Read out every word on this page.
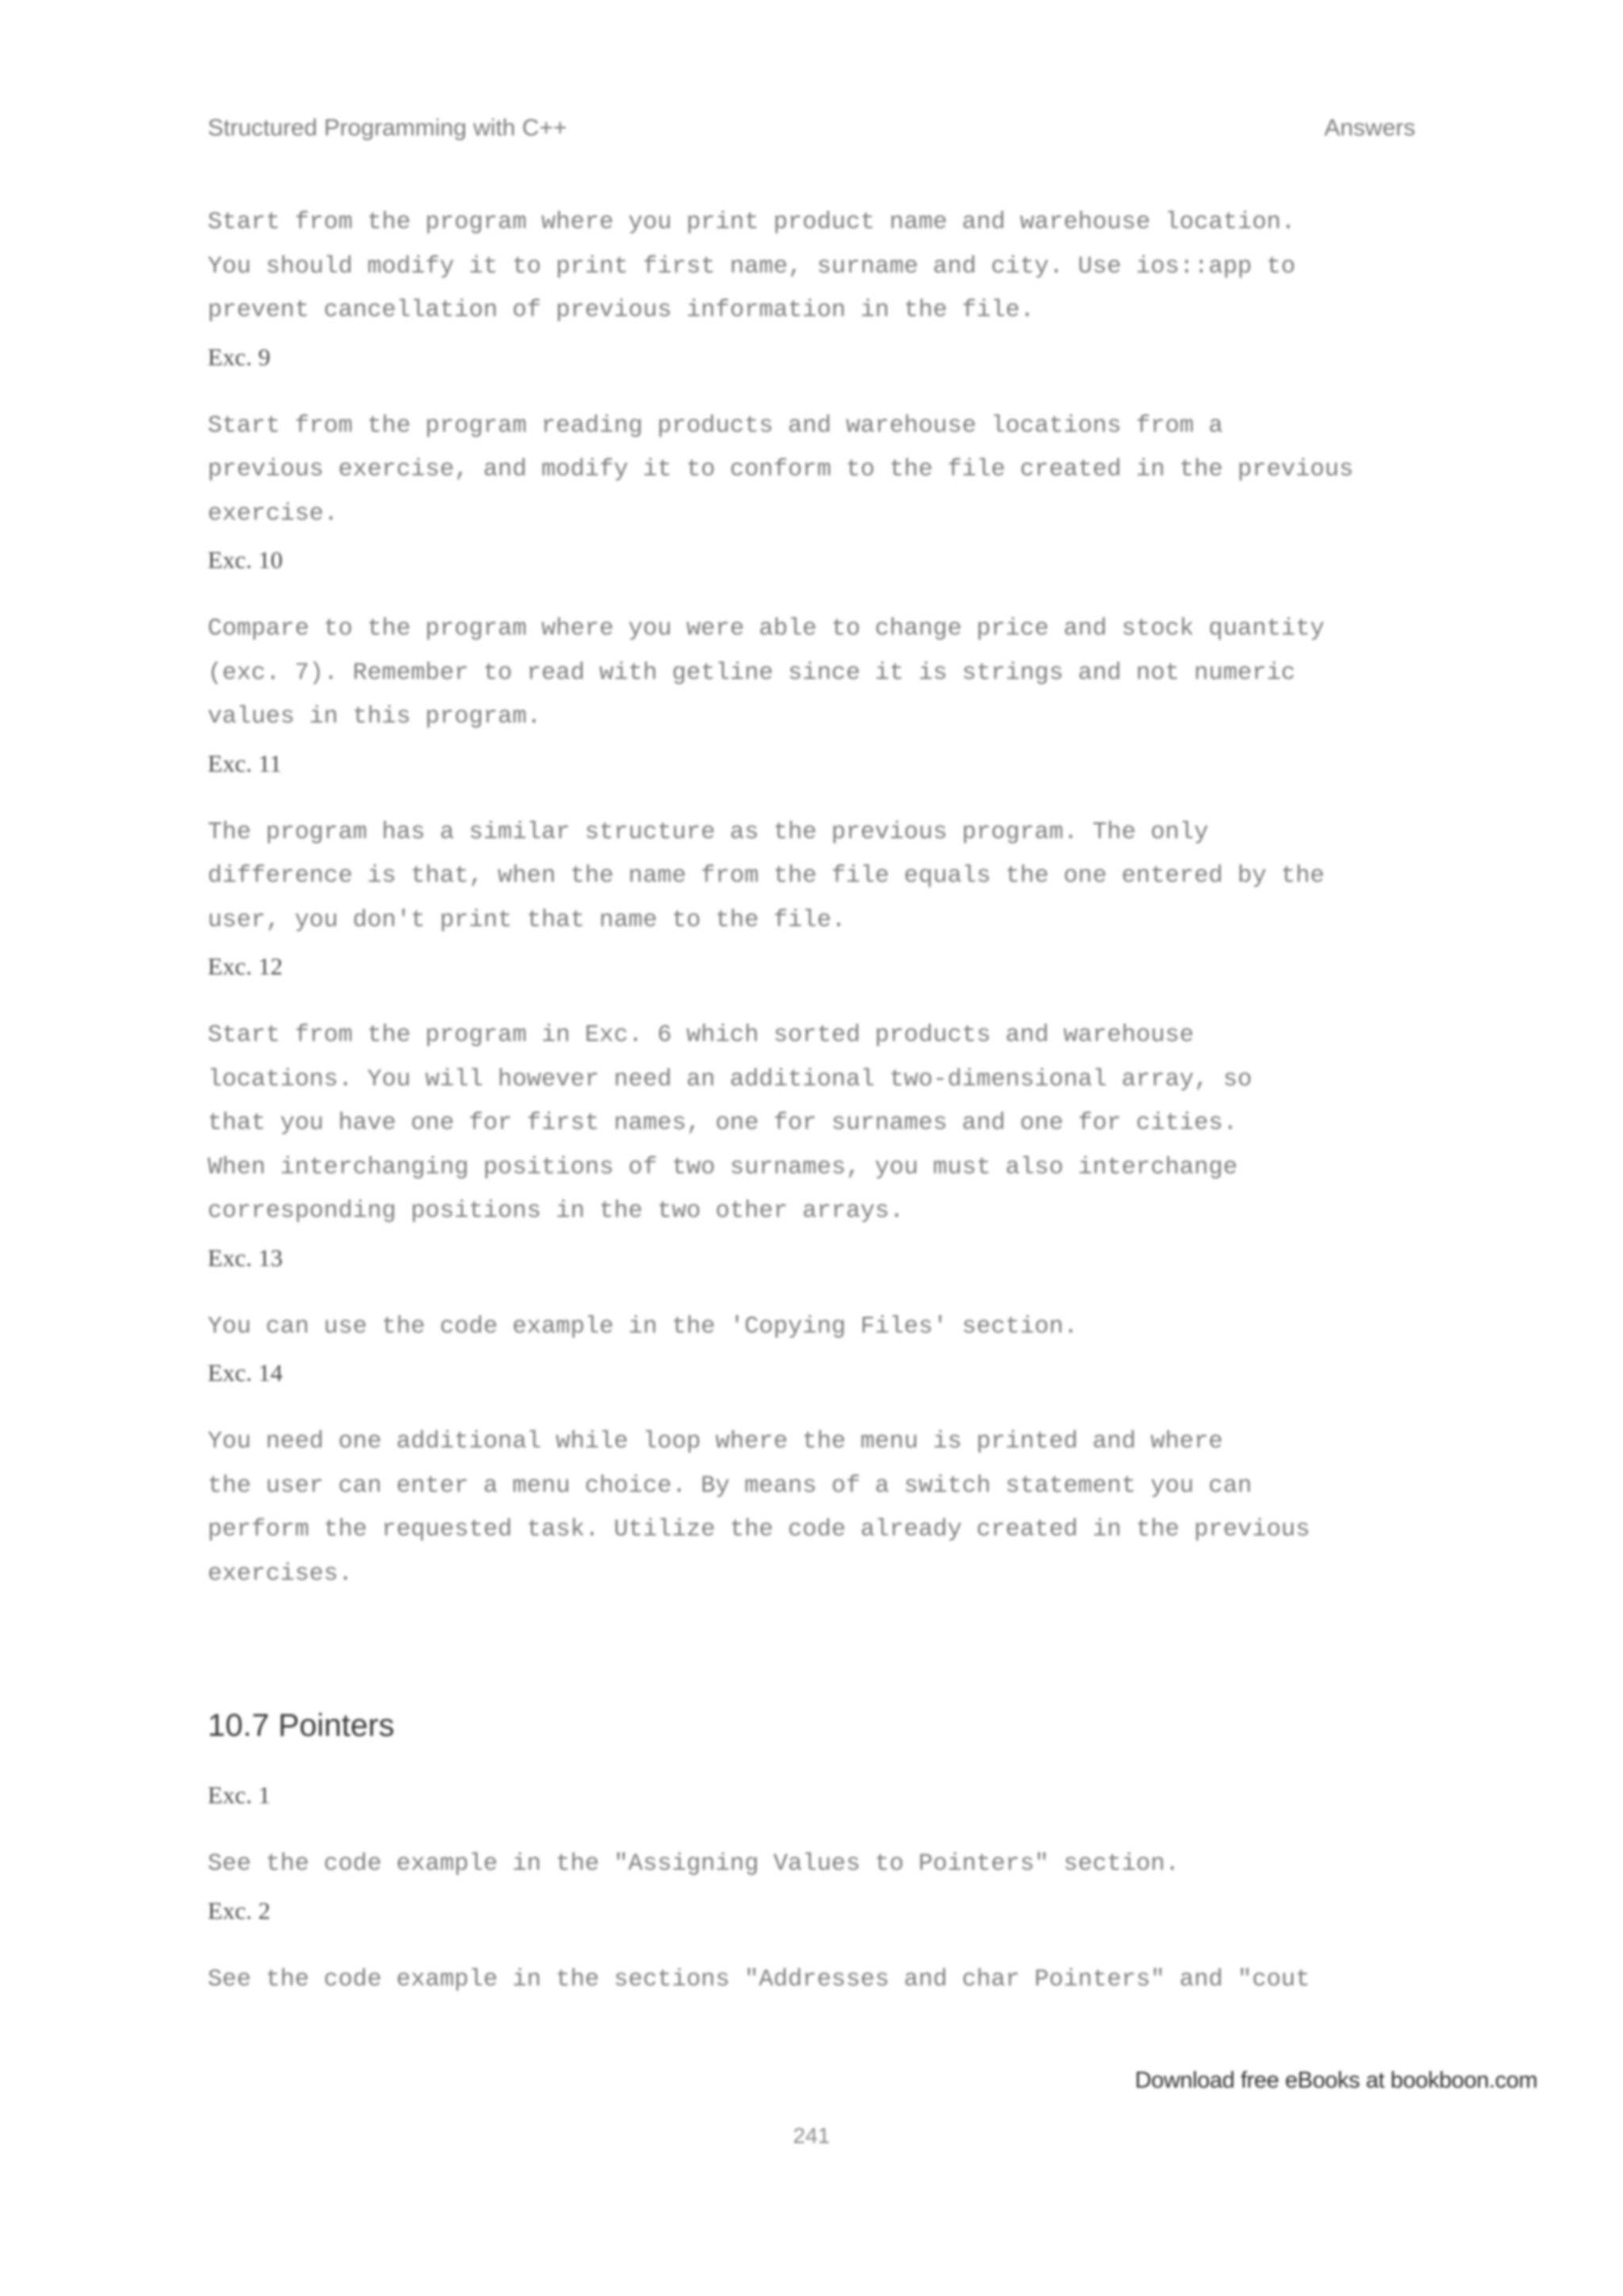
Structured Programming with C++	Answers

Start from the program where you print product name and warehouse location.

You should modify it to print first name, surname and city. Use ios::app to

prevent cancellation of previous information in the file.

Exc. 9

Start from the program reading products and warehouse locations from a

previous exercise, and modify it to conform to the file created in the previous

exercise.

Exc. 10

Compare to the program where you were able to change price and stock quantity

(exc. 7). Remember to read with getline since it is strings and not numeric

values in this program.

Exc. 11

The program has a similar structure as the previous program. The only

difference is that, when the name from the file equals the one entered by the

user, you don't print that name to the file.

Exc. 12

Start from the program in Exc. 6 which sorted products and warehouse

locations. You will however need an additional two-dimensional array, so

that you have one for first names, one for surnames and one for cities.

When interchanging positions of two surnames, you must also interchange

corresponding positions in the two other arrays.

Exc. 13

You can use the code example in the 'Copying Files' section.

Exc. 14

You need one additional while loop where the menu is printed and where

the user can enter a menu choice. By means of a switch statement you can

perform the requested task. Utilize the code already created in the previous

exercises.

10.7 Pointers

Exc. 1

See the code example in the "Assigning Values to Pointers" section.

Exc. 2

See the code example in the sections "Addresses and char Pointers" and "cout

Download free eBooks at bookboon.com
241
